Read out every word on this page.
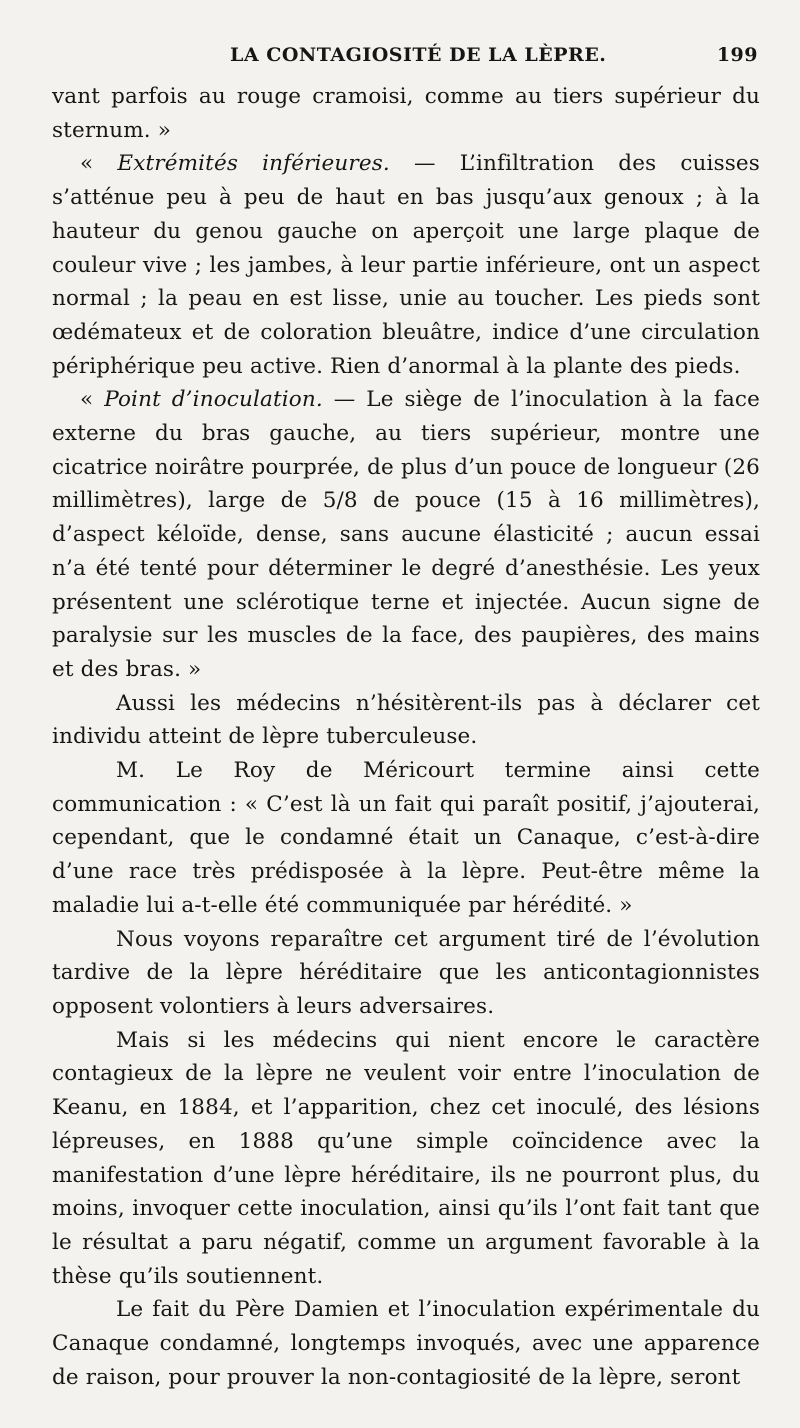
LA CONTAGIOSITÉ DE LA LÈPRE.	199

vant parfois au rouge cramoisi, comme au tiers supérieur du sternum. »

« Extrémités inférieures. — L’infiltration des cuisses s’atténue peu à peu de haut en bas jusqu’aux genoux ; à la hauteur du genou gauche on aperçoit une large plaque de couleur vive ; les jambes, à leur partie inférieure, ont un aspect normal ; la peau en est lisse, unie au toucher. Les pieds sont œdémateux et de coloration bleuâtre, indice d’une circulation périphérique peu active. Rien d’anormal à la plante des pieds.

« Point d’inoculation. — Le siège de l’inoculation à la face externe du bras gauche, au tiers supérieur, montre une cicatrice noirâtre pourprée, de plus d’un pouce de longueur (26 millimètres), large de 5/8 de pouce (15 à 16 millimètres), d’aspect kéloïde, dense, sans aucune élasticité ; aucun essai n’a été tenté pour déterminer le degré d’anesthésie. Les yeux présentent une sclérotique terne et injectée. Aucun signe de paralysie sur les muscles de la face, des paupières, des mains et des bras. »

Aussi les médecins n’hésitèrent-ils pas à déclarer cet individu atteint de lèpre tuberculeuse.

M. Le Roy de Méricourt termine ainsi cette communication : « C’est là un fait qui paraît positif, j’ajouterai, cependant, que le condamné était un Canaque, c’est-à-dire d’une race très prédisposée à la lèpre. Peut-être même la maladie lui a-t-elle été communiquée par hérédité. »

Nous voyons reparaître cet argument tiré de l’évolution tardive de la lèpre héréditaire que les anticontagionnistes opposent volontiers à leurs adversaires.

Mais si les médecins qui nient encore le caractère contagieux de la lèpre ne veulent voir entre l’inoculation de Keanu, en 1884, et l’apparition, chez cet inoculé, des lésions lépreuses, en 1888 qu’une simple coïncidence avec la manifestation d’une lèpre héréditaire, ils ne pourront plus, du moins, invoquer cette inoculation, ainsi qu’ils l’ont fait tant que le résultat a paru négatif, comme un argument favorable à la thèse qu’ils soutiennent.

Le fait du Père Damien et l’inoculation expérimentale du Canaque condamné, longtemps invoqués, avec une apparence de raison, pour prouver la non-contagiosité de la lèpre, seront
